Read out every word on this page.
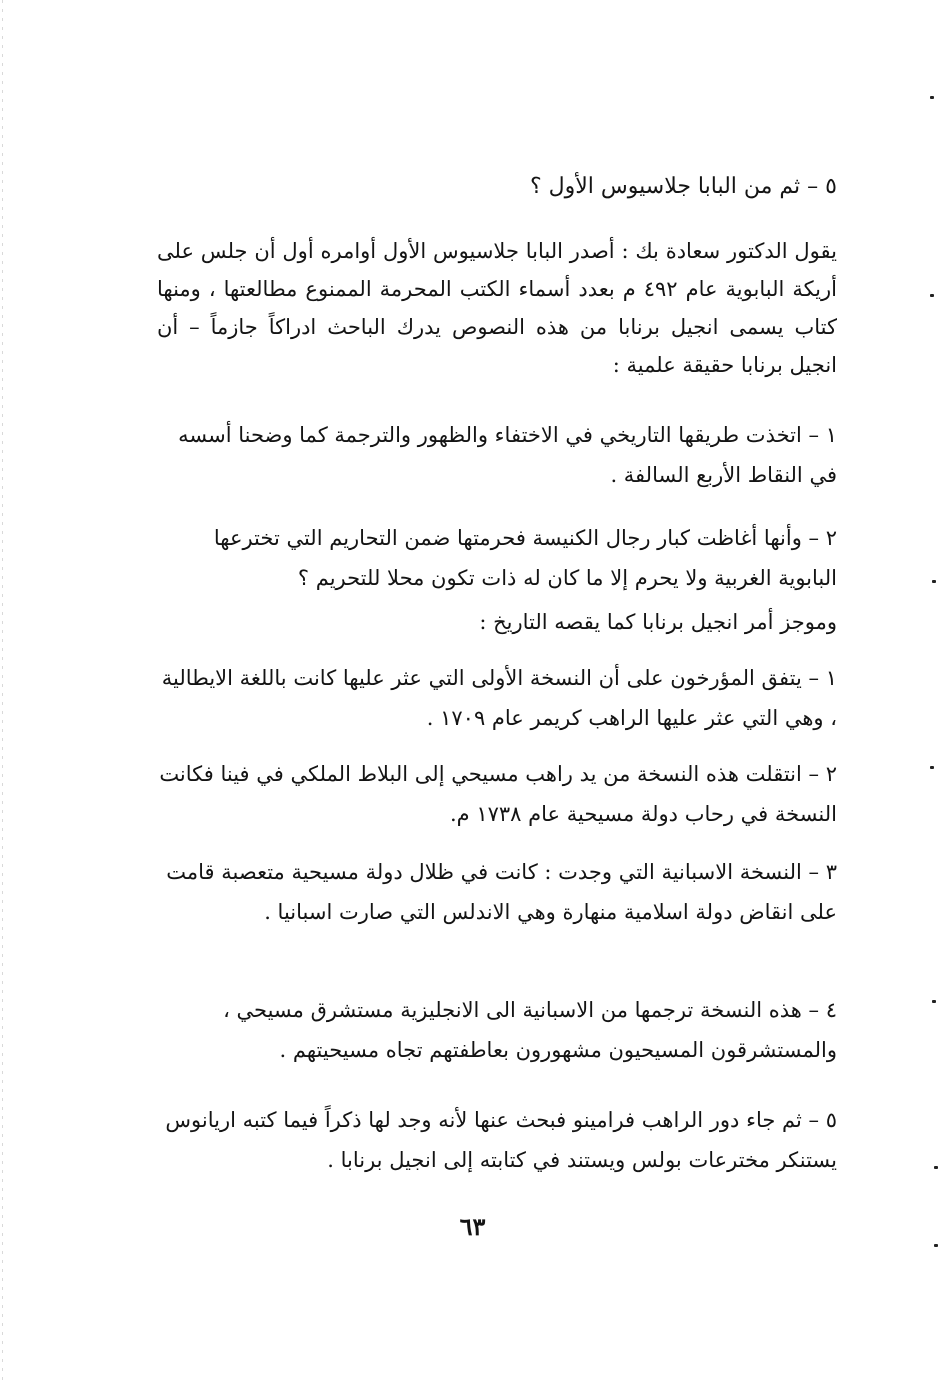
٥ – ثم من البابا جلاسيوس الأول ؟
يقول الدكتور سعادة بك : أصدر البابا جلاسيوس الأول أوامره أول أن جلس على أريكة البابوية عام ٤٩٢ م بعدد أسماء الكتب المحرمة الممنوع مطالعتها ، ومنها كتاب يسمى انجيل برنابا من هذه النصوص يدرك الباحث ادراكاً جازماً – أن انجيل برنابا حقيقة علمية :
١ – اتخذت طريقها التاريخي في الاختفاء والظهور والترجمة كما وضحنا أسسه في النقاط الأربع السالفة .
٢ – وأنها أغاظت كبار رجال الكنيسة فحرمتها ضمن التحاريم التي تخترعها البابوية الغربية ولا يحرم إلا ما كان له ذات تكون محلا للتحريم ؟
وموجز أمر انجيل برنابا كما يقصه التاريخ :
١ – يتفق المؤرخون على أن النسخة الأولى التي عثر عليها كانت باللغة الايطالية ، وهي التي عثر عليها الراهب كريمر عام ١٧٠٩ .
٢ – انتقلت هذه النسخة من يد راهب مسيحي إلى البلاط الملكي في فينا فكانت النسخة في رحاب دولة مسيحية عام ١٧٣٨ م.
٣ – النسخة الاسبانية التي وجدت : كانت في ظلال دولة مسيحية متعصبة قامت على انقاض دولة اسلامية منهارة وهي الاندلس التي صارت اسبانيا .
٤ – هذه النسخة ترجمها من الاسبانية الى الانجليزية مستشرق مسيحي ، والمستشرقون المسيحيون مشهورون بعاطفتهم تجاه مسيحيتهم .
٥ – ثم جاء دور الراهب فرامينو فبحث عنها لأنه وجد لها ذكراً فيما كتبه اريانوس يستنكر مخترعات بولس ويستند في كتابته إلى انجيل برنابا .
٦٣
